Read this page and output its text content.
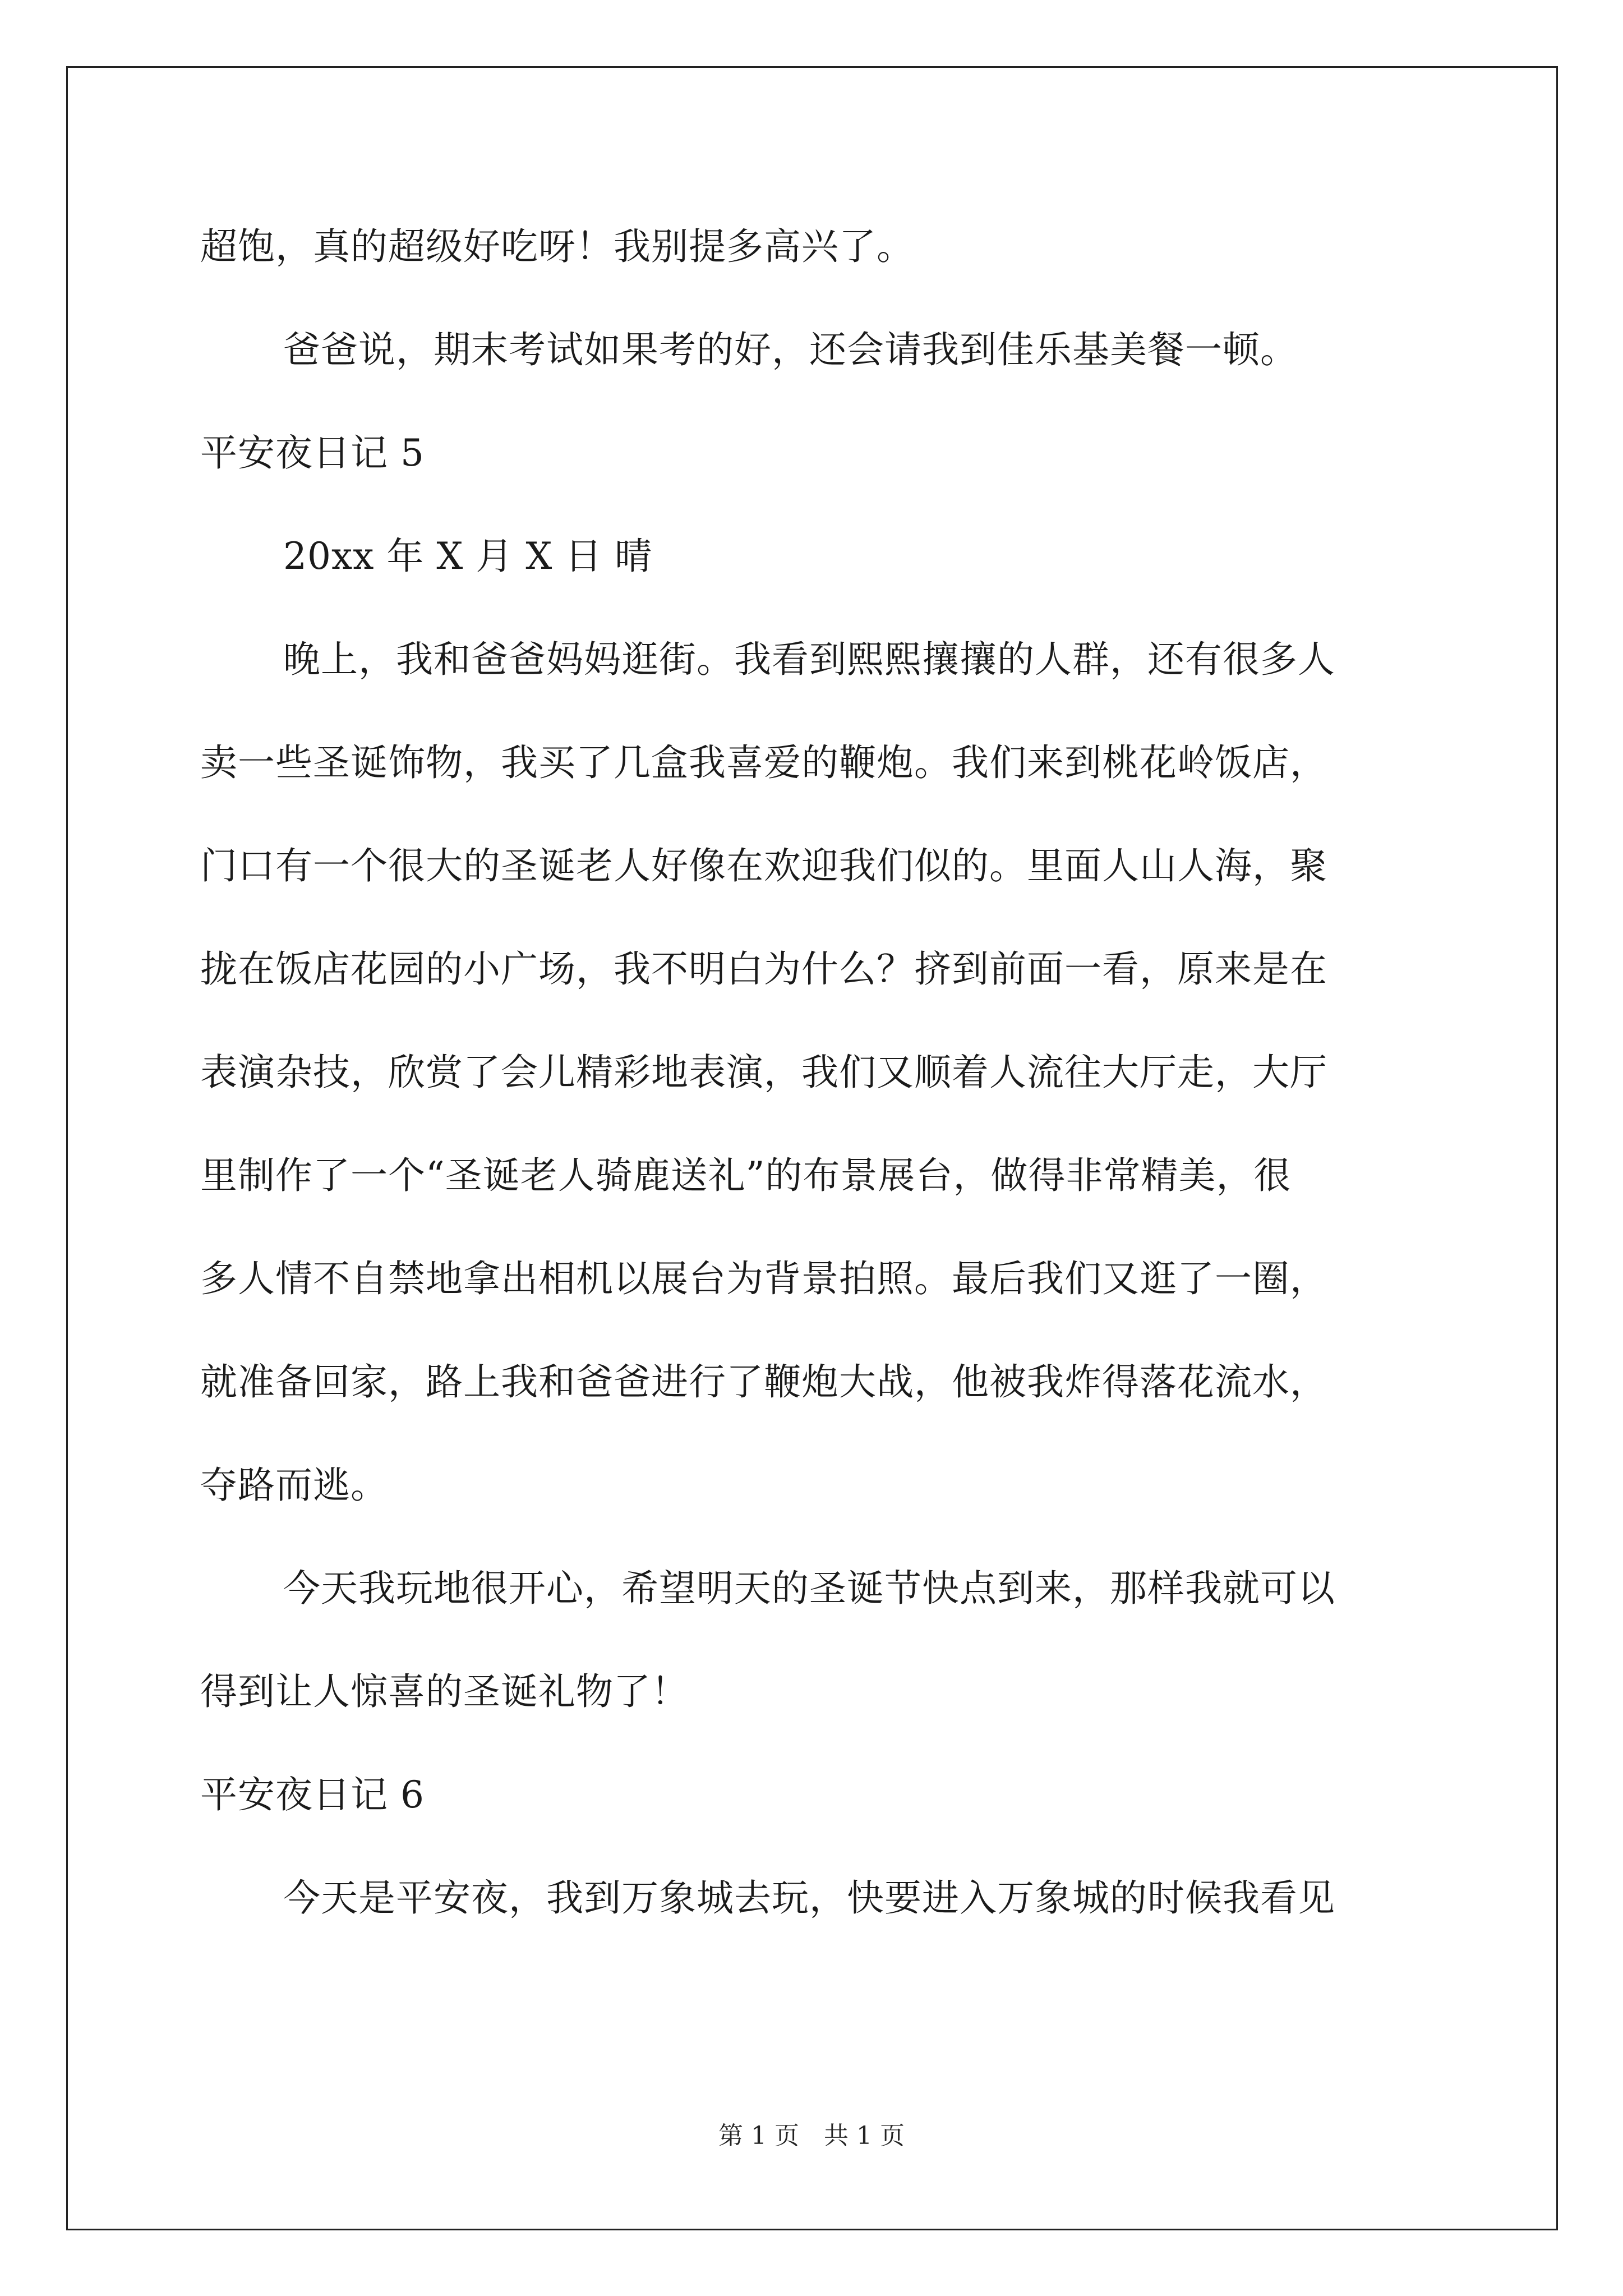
超饱，真的超级好吃呀！我别提多高兴了。
爸爸说，期末考试如果考的好，还会请我到佳乐基美餐一顿。
平安夜日记 5
20xx 年 X 月 X 日 晴
晚上，我和爸爸妈妈逛街。我看到熙熙攘攘的人群，还有很多人
卖一些圣诞饰物，我买了几盒我喜爱的鞭炮。我们来到桃花岭饭店，
门口有一个很大的圣诞老人好像在欢迎我们似的。里面人山人海，聚
拢在饭店花园的小广场，我不明白为什么？挤到前面一看，原来是在
表演杂技，欣赏了会儿精彩地表演，我们又顺着人流往大厅走，大厅
里制作了一个“圣诞老人骑鹿送礼”的布景展台，做得非常精美，很
多人情不自禁地拿出相机以展台为背景拍照。最后我们又逛了一圈，
就准备回家，路上我和爸爸进行了鞭炮大战，他被我炸得落花流水，
夺路而逃。
今天我玩地很开心，希望明天的圣诞节快点到来，那样我就可以
得到让人惊喜的圣诞礼物了！
平安夜日记 6
今天是平安夜，我到万象城去玩，快要进入万象城的时候我看见
第 1 页 共 1 页
